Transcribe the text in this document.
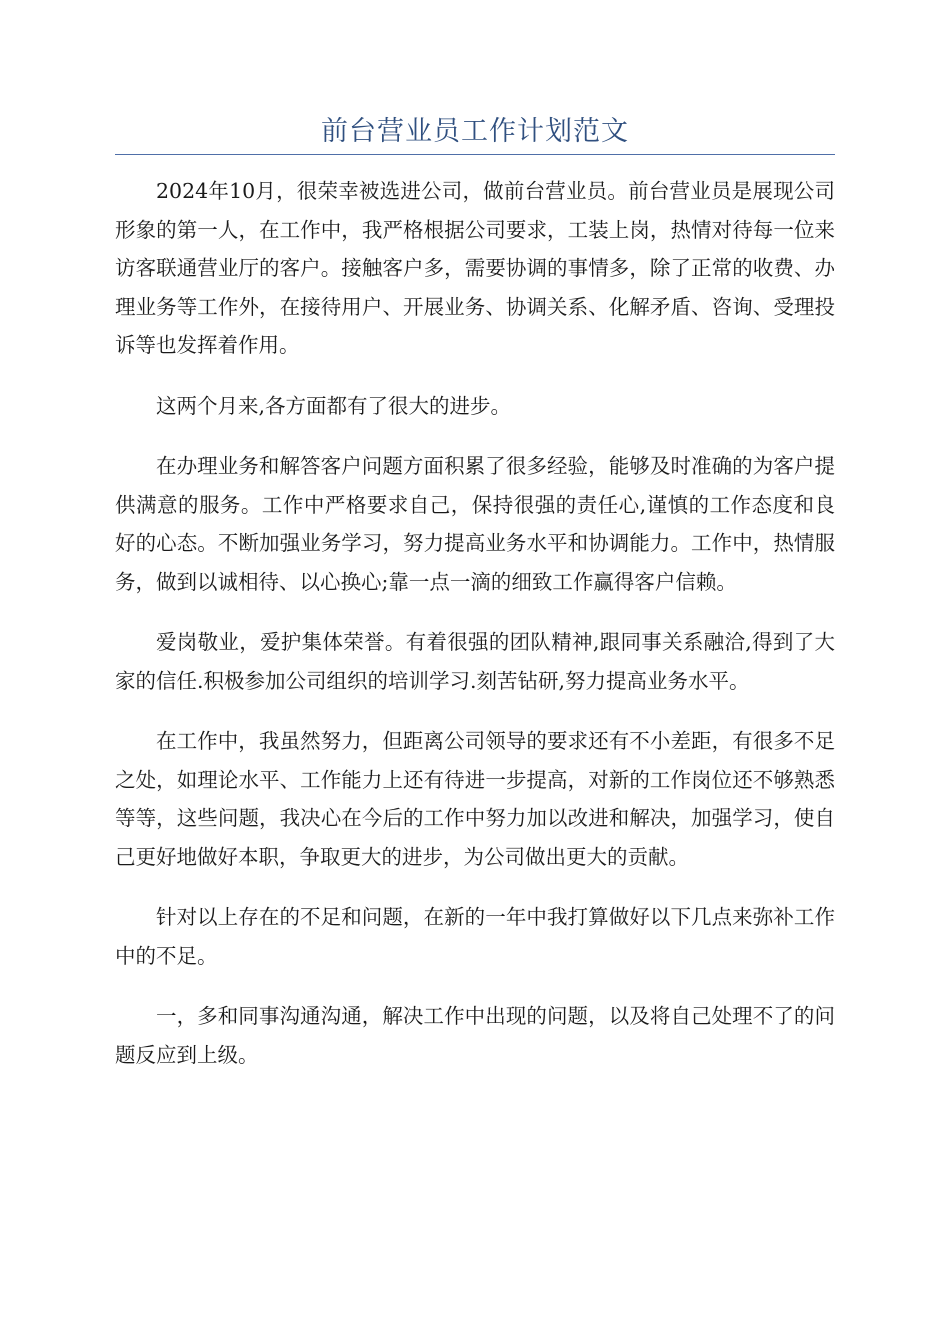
前台营业员工作计划范文

2024年10月，很荣幸被选进公司，做前台营业员。前台营业员是展现公司形象的第一人，在工作中，我严格根据公司要求，工装上岗，热情对待每一位来访客联通营业厅的客户。接触客户多，需要协调的事情多，除了正常的收费、办理业务等工作外，在接待用户、开展业务、协调关系、化解矛盾、咨询、受理投诉等也发挥着作用。

这两个月来,各方面都有了很大的进步。

在办理业务和解答客户问题方面积累了很多经验，能够及时准确的为客户提供满意的服务。工作中严格要求自己，保持很强的责任心,谨慎的工作态度和良好的心态。不断加强业务学习，努力提高业务水平和协调能力。工作中，热情服务，做到以诚相待、以心换心;靠一点一滴的细致工作赢得客户信赖。

爱岗敬业，爱护集体荣誉。有着很强的团队精神,跟同事关系融洽,得到了大家的信任.积极参加公司组织的培训学习.刻苦钻研,努力提高业务水平。

在工作中，我虽然努力，但距离公司领导的要求还有不小差距，有很多不足之处，如理论水平、工作能力上还有待进一步提高，对新的工作岗位还不够熟悉等等，这些问题，我决心在今后的工作中努力加以改进和解决，加强学习，使自己更好地做好本职，争取更大的进步，为公司做出更大的贡献。

针对以上存在的不足和问题，在新的一年中我打算做好以下几点来弥补工作中的不足。

一，多和同事沟通沟通，解决工作中出现的问题，以及将自己处理不了的问题反应到上级。
